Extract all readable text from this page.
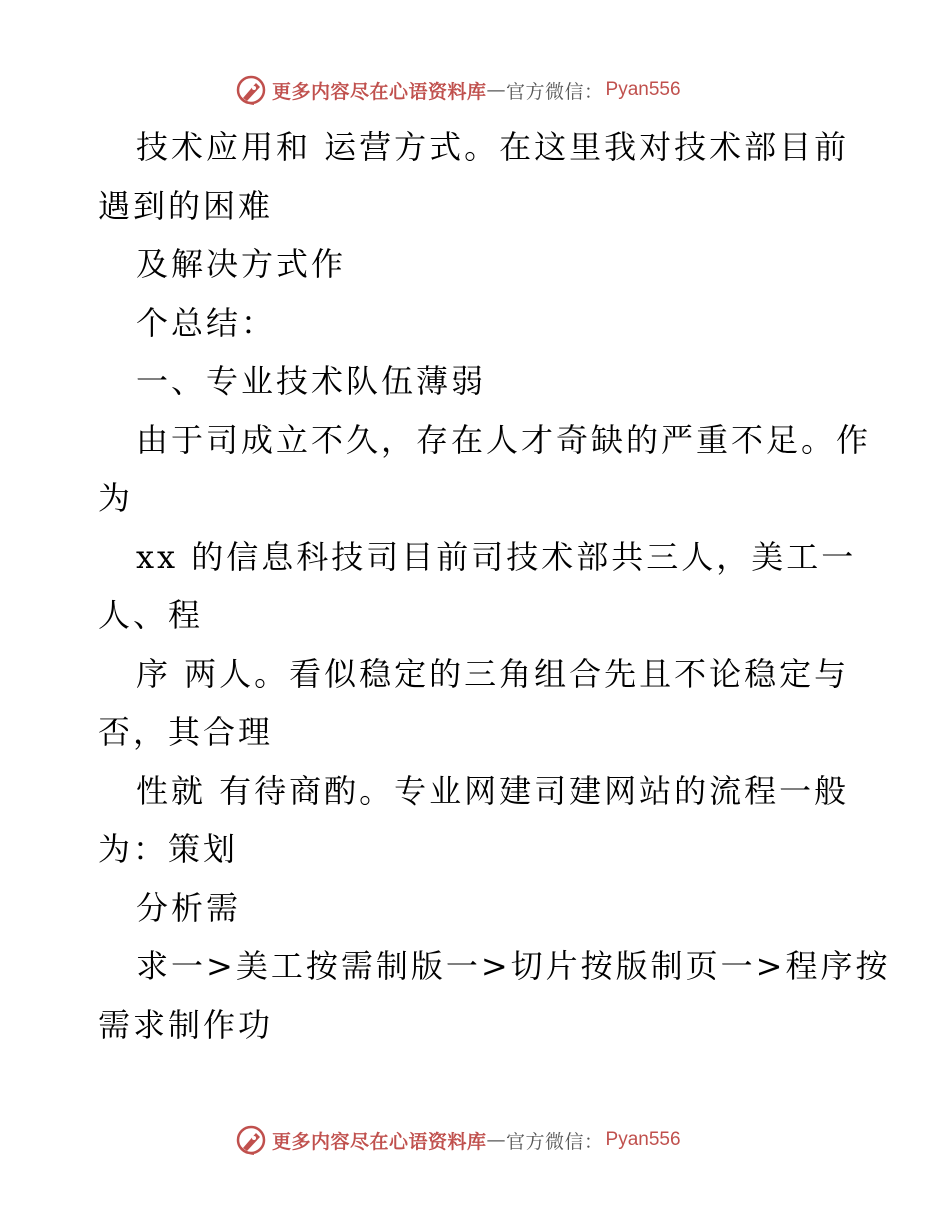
更多内容尽在心语资料库 — 官方微信： Pyan556
技术应用和 运营方式。在这里我对技术部目前
遇到的困难
及解决方式作
个总结：
一、专业技术队伍薄弱
由于司成立不久，存在人才奇缺的严重不足。作
为
xx 的信息科技司目前司技术部共三人，美工一
人、程
序 两人。看似稳定的三角组合先且不论稳定与
否，其合理
性就 有待商酌。专业网建司建网站的流程一般
为：策划
分析需
求一>美工按需制版一>切片按版制页一>程序按
需求制作功
更多内容尽在心语资料库 — 官方微信： Pyan556
